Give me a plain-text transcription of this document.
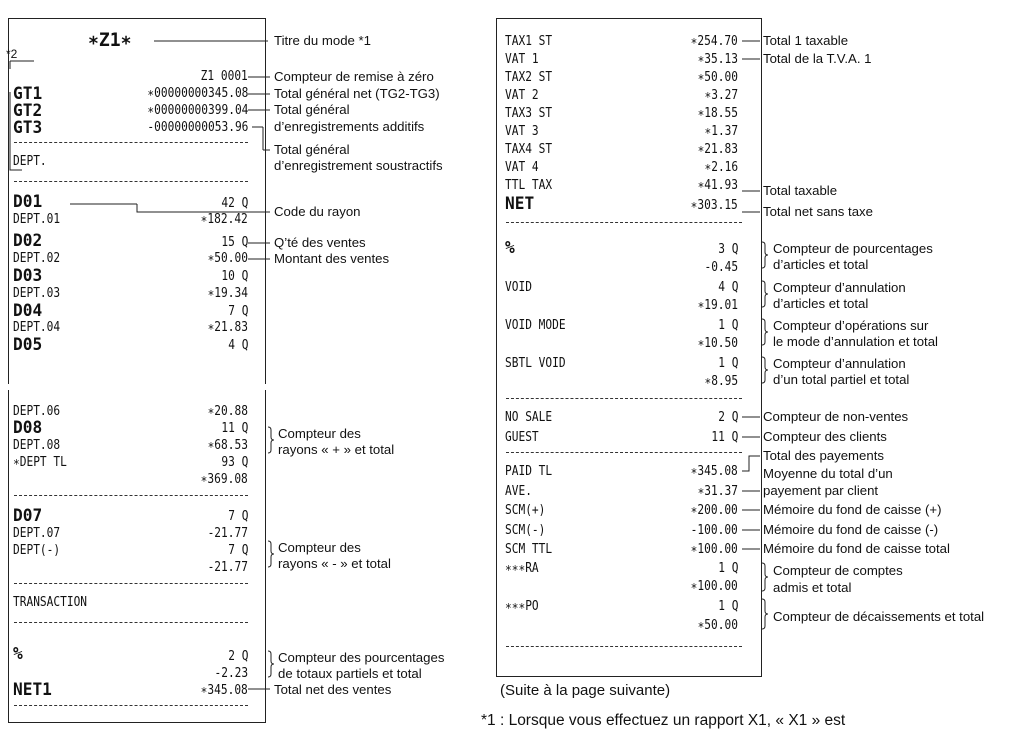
∗Z1∗
*2
Z1 0001
GT1	∗00000000345.08
GT2	∗00000000399.04
GT3	-00000000053.96
DEPT.
D01	42 Q
DEPT.01	∗182.42
D02	15 Q
DEPT.02	∗50.00
D03	10 Q
DEPT.03	∗19.34
D04	7 Q
DEPT.04	∗21.83
D05	4 Q
DEPT.06	∗20.88
D08	11 Q
DEPT.08	∗68.53
∗DEPT TL	93 Q
∗369.08
D07	7 Q
DEPT.07	-21.77
DEPT(-)	7 Q
-21.77
TRANSACTION
%	2 Q
-2.23
NET1	∗345.08
Titre du mode *1
Compteur de remise à zéro
Total général net (TG2-TG3)
Total général
d’enregistrements additifs
Total général
d’enregistrement soustractifs
Code du rayon
Q’té des ventes
Montant des ventes
Compteur des
rayons « + » et total
Compteur des
rayons « - » et total
Compteur des pourcentages
de totaux partiels et total
Total net des ventes
TAX1 ST	∗254.70
VAT 1	∗35.13
TAX2 ST	∗50.00
VAT 2	∗3.27
TAX3 ST	∗18.55
VAT 3	∗1.37
TAX4 ST	∗21.83
VAT 4	∗2.16
TTL TAX	∗41.93
NET	∗303.15
%	3 Q
-0.45
VOID	4 Q
∗19.01
VOID MODE	1 Q
∗10.50
SBTL VOID	1 Q
∗8.95
NO SALE	2 Q
GUEST	11 Q
PAID TL	∗345.08
AVE.	∗31.37
SCM(+)	∗200.00
SCM(-)	-100.00
SCM TTL	∗100.00
∗∗∗RA	1 Q
∗100.00
∗∗∗PO	1 Q
∗50.00
Total 1 taxable
Total de la T.V.A. 1
Total taxable
Total net sans taxe
Compteur de pourcentages
d’articles et total
Compteur d’annulation
d’articles et total
Compteur d’opérations sur
le mode d’annulation et total
Compteur d’annulation
d’un total partiel et total
Compteur de non-ventes
Compteur des clients
Total des payements
Moyenne du total d’un
payement par client
Mémoire du fond de caisse (+)
Mémoire du fond de caisse (-)
Mémoire du fond de caisse total
Compteur de comptes
admis et total
Compteur de décaissements et total
(Suite à la page suivante)
*1 : Lorsque vous effectuez un rapport X1, « X1 » est
